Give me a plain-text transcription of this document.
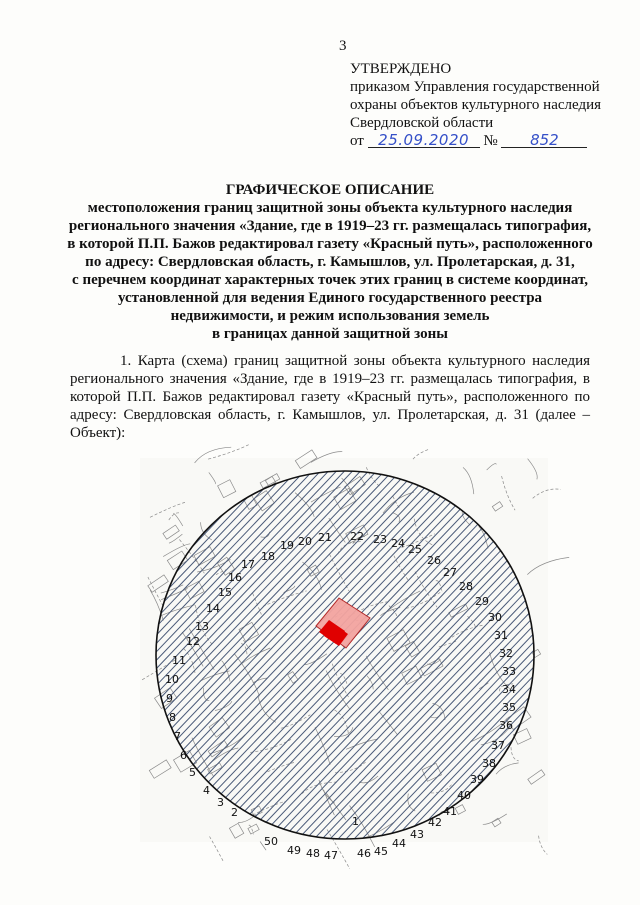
3
УТВЕРЖДЕНО
приказом Управления государственной
охраны объектов культурного наследия
Свердловской области
от 25.09.2020 № 852
ГРАФИЧЕСКОЕ ОПИСАНИЕ
местоположения границ защитной зоны объекта культурного наследия
регионального значения «Здание, где в 1919–23 гг. размещалась типография,
в которой П.П. Бажов редактировал газету «Красный путь», расположенного
по адресу: Свердловская область, г. Камышлов, ул. Пролетарская, д. 31,
с перечнем координат характерных точек этих границ в системе координат,
установленной для ведения Единого государственного реестра
недвижимости, и режим использования земель
в границах данной защитной зоны
1. Карта (схема) границ защитной зоны объекта культурного наследия регионального значения «Здание, где в 1919–23 гг. размещалась типография, в которой П.П. Бажов редактировал газету «Красный путь», расположенного по адресу: Свердловская область, г. Камышлов, ул. Пролетарская, д. 31 (далее – Объект):
1
2
3
4
5
6
7
8
9
10
11
12
13
14
15
16
17
18
19 20 21 22 23 24 25
26
27
28
29
30
31
32
33
34
35
36
37
38
39
40
41
42
43
44
45
46
47
48
49
50
